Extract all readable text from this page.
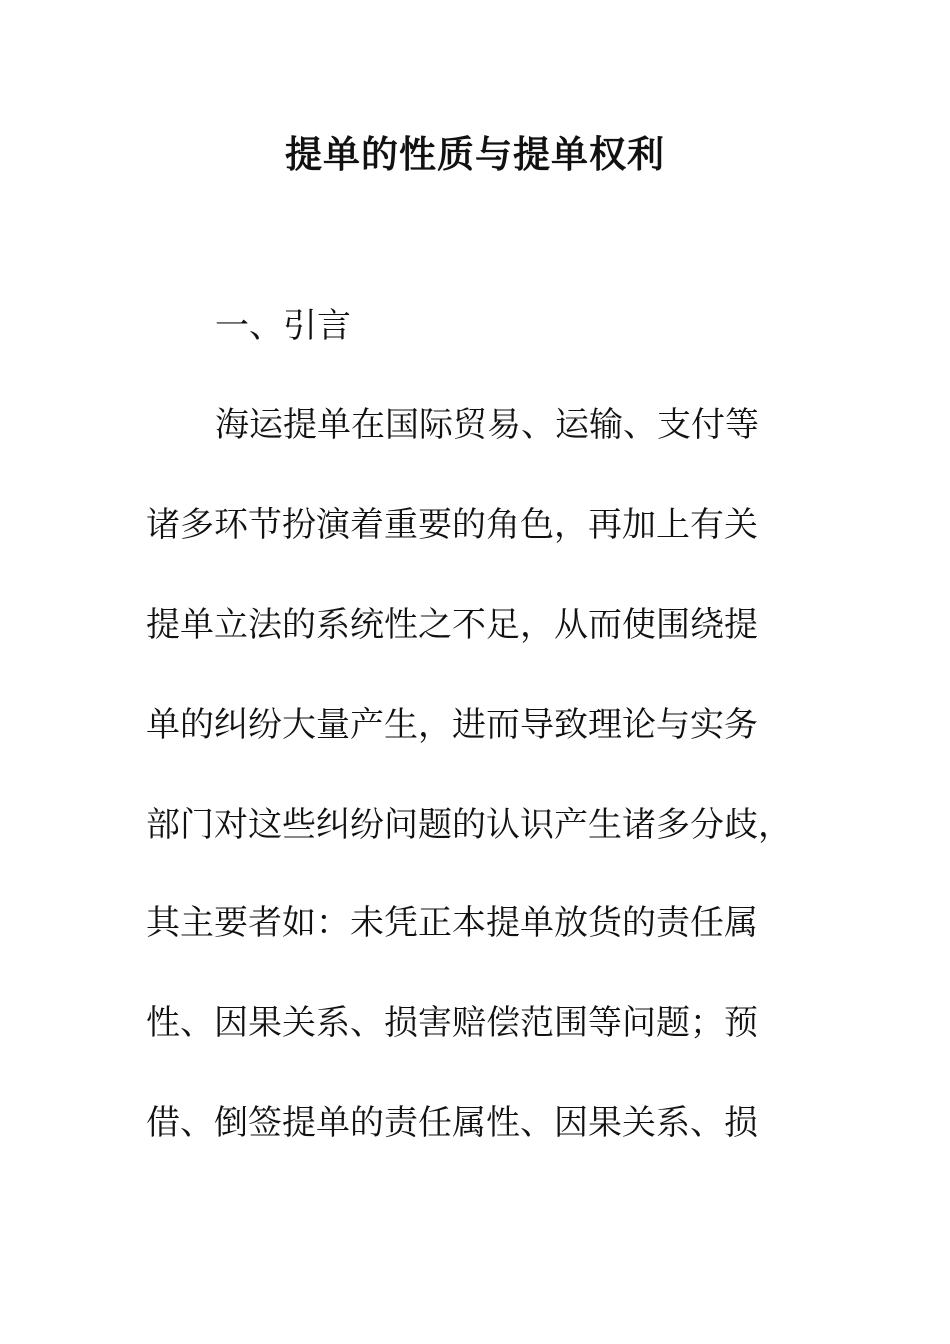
提单的性质与提单权利
一、引言
海运提单在国际贸易、运输、支付等
诸多环节扮演着重要的角色，再加上有关
提单立法的系统性之不足，从而使围绕提
单的纠纷大量产生，进而导致理论与实务
部门对这些纠纷问题的认识产生诸多分歧，
其主要者如：未凭正本提单放货的责任属
性、因果关系、损害赔偿范围等问题；预
借、倒签提单的责任属性、因果关系、损
